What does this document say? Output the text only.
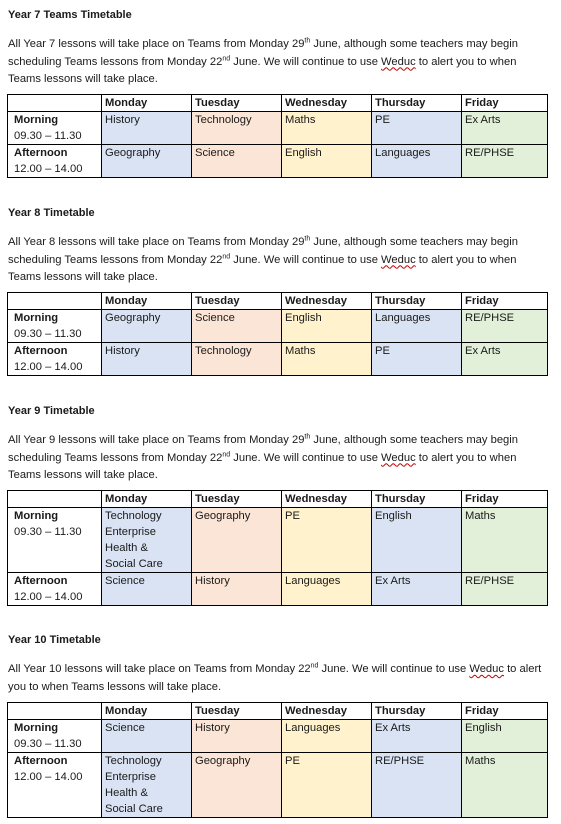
Year 7 Teams Timetable

All Year 7 lessons will take place on Teams from Monday 29th June, although some teachers may begin scheduling Teams lessons from Monday 22nd June. We will continue to use Weduc to alert you to when Teams lessons will take place.

	Monday	Tuesday	Wednesday	Thursday	Friday

Morning
09.30 – 11.30	History	Technology	Maths	PE	Ex Arts

Afternoon
12.00 – 14.00	Geography	Science	English	Languages	RE/PHSE

Year 8 Timetable

All Year 8 lessons will take place on Teams from Monday 29th June, although some teachers may begin scheduling Teams lessons from Monday 22nd June. We will continue to use Weduc to alert you to when Teams lessons will take place.

	Monday	Tuesday	Wednesday	Thursday	Friday

Morning
09.30 – 11.30	Geography	Science	English	Languages	RE/PHSE

Afternoon
12.00 – 14.00	History	Technology	Maths	PE	Ex Arts

Year 9 Timetable

All Year 9 lessons will take place on Teams from Monday 29th June, although some teachers may begin scheduling Teams lessons from Monday 22nd June. We will continue to use Weduc to alert you to when Teams lessons will take place.

	Monday	Tuesday	Wednesday	Thursday	Friday

Morning
09.30 – 11.30	Technology
Enterprise
Health &
Social Care	Geography	PE	English	Maths

Afternoon
12.00 – 14.00	Science	History	Languages	Ex Arts	RE/PHSE

Year 10 Timetable

All Year 10 lessons will take place on Teams from Monday 22nd June. We will continue to use Weduc to alert you to when Teams lessons will take place.

	Monday	Tuesday	Wednesday	Thursday	Friday

Morning
09.30 – 11.30	Science	History	Languages	Ex Arts	English

Afternoon
12.00 – 14.00	Technology
Enterprise
Health &
Social Care	Geography	PE	RE/PHSE	Maths
